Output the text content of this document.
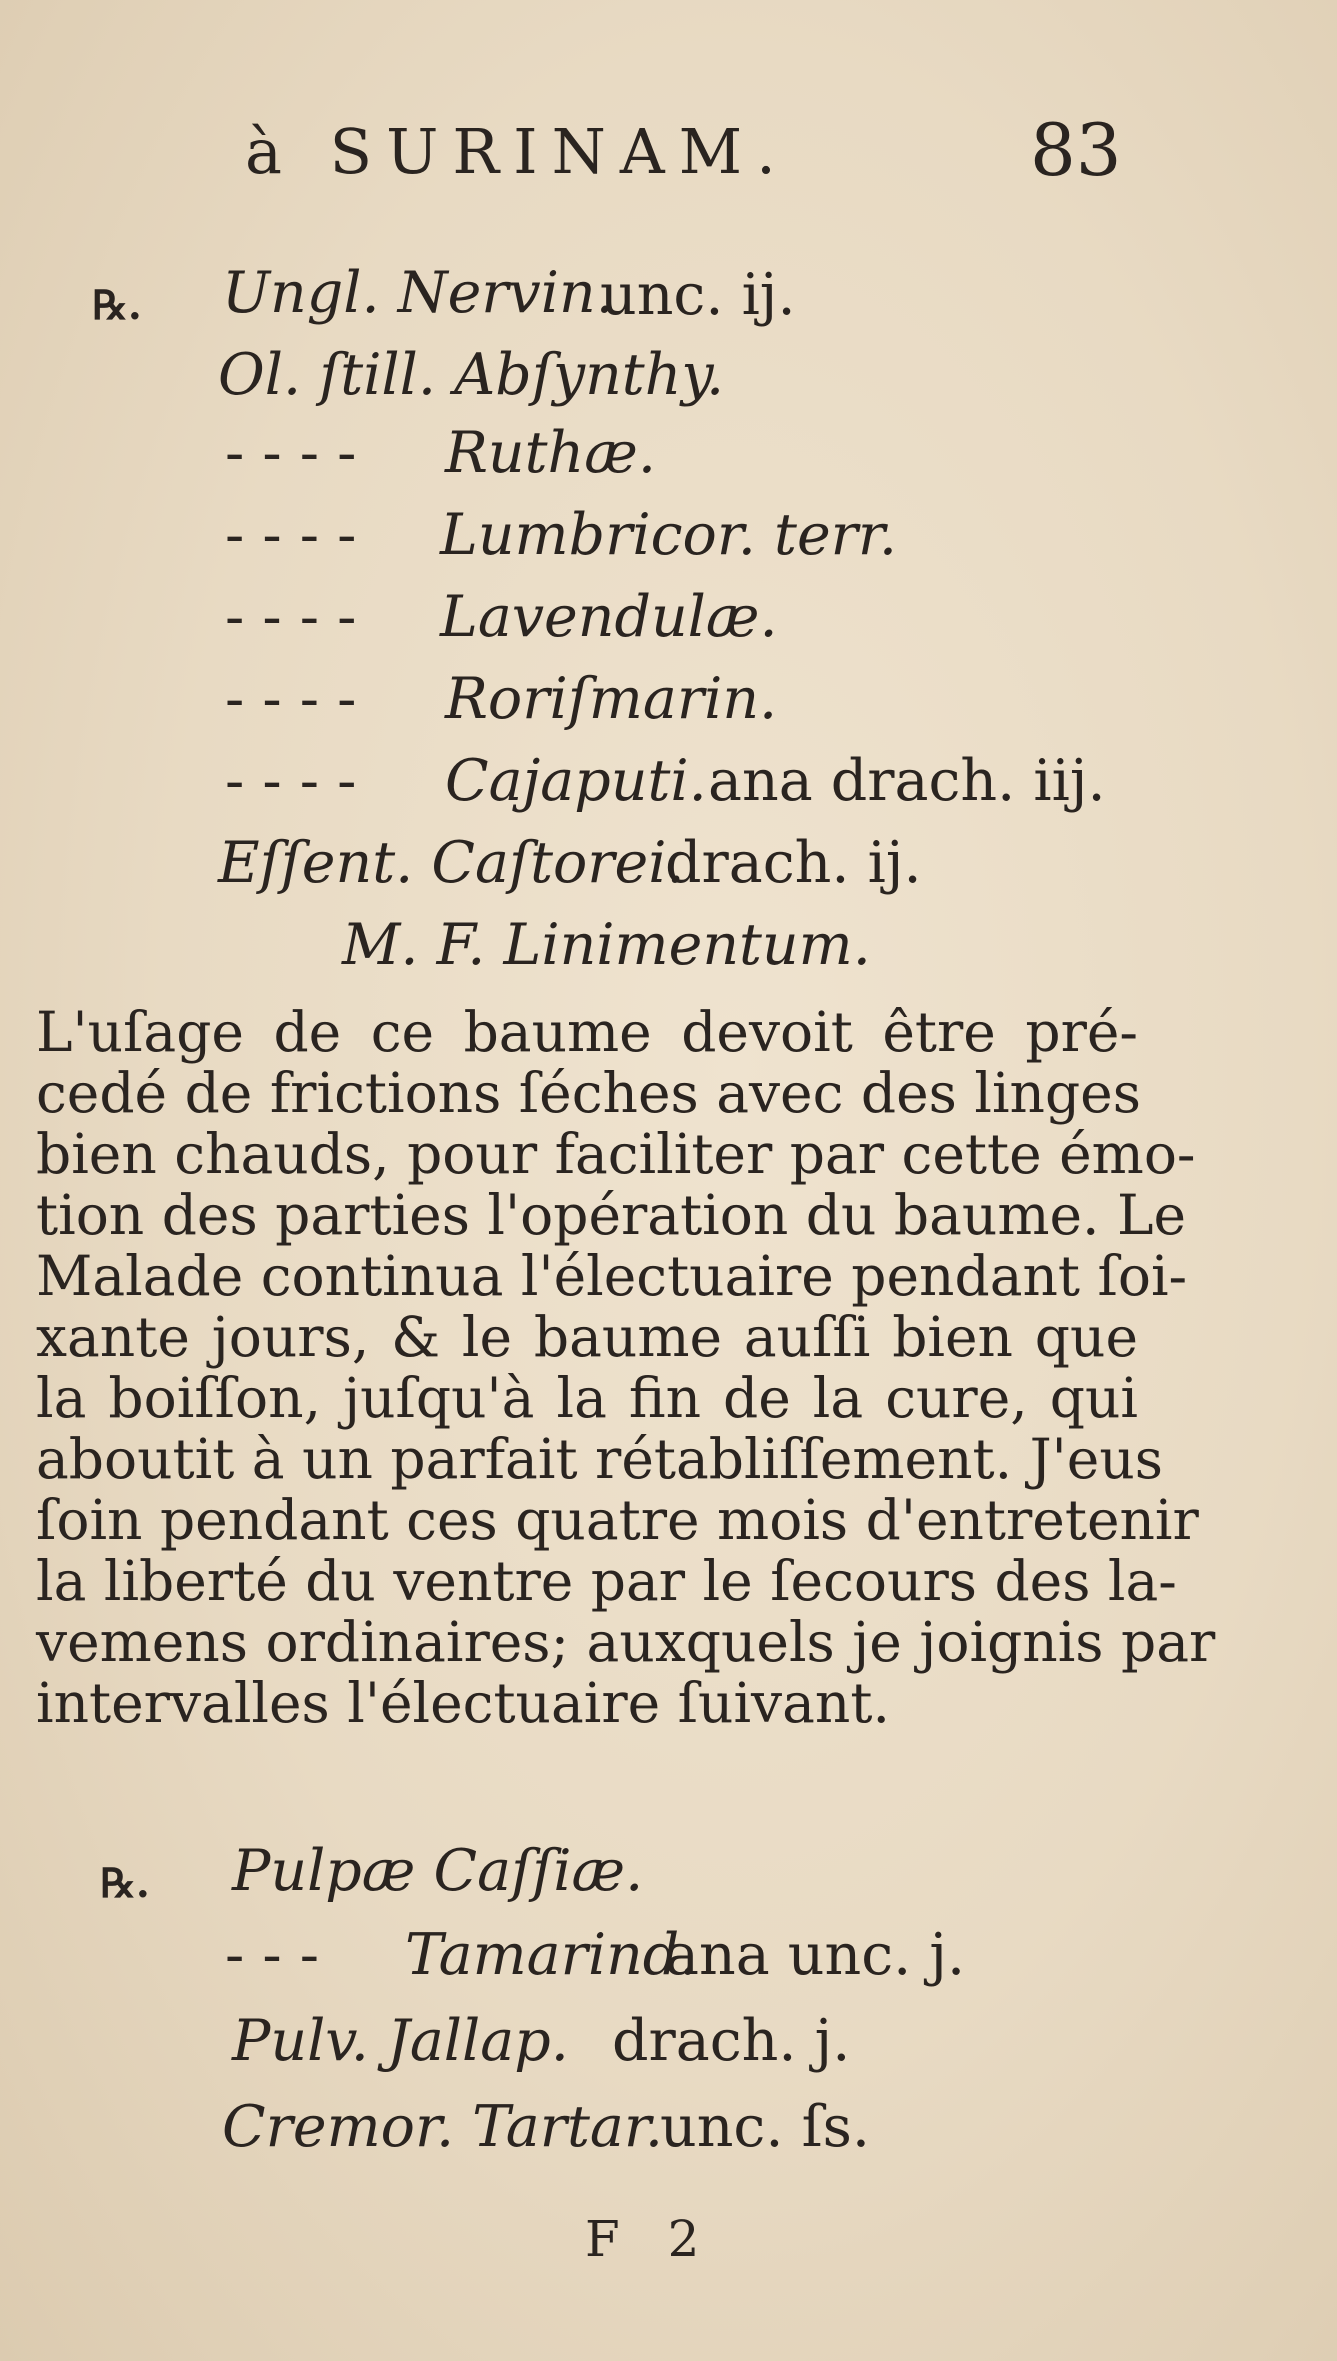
à SURINAM.	83
℞. Ungl. Nervin.
unc. ij.
Ol. ſtill. Abſynthy.
- - - - Ruthæ.
- - - - Lumbricor. terr.
- - - - Lavendulæ.
- - - - Roriſmarin.
- - - - Cajaputi. ana drach. iij.
Eſſent. Caſtorei.
drach. ij.
M. F. Linimentum.
L'uſage de ce baume devoit être pré-
cedé de frictions ſéches avec des linges
bien chauds, pour faciliter par cette émo-
tion des parties l'opération du baume. Le
Malade continua l'électuaire pendant ſoi-
xante jours, & le baume auſſi bien que
la boiſſon, juſqu'à la fin de la cure, qui
aboutit à un parfait rétabliſſement. J'eus
ſoin pendant ces quatre mois d'entretenir
la liberté du ventre par le ſecours des la-
vemens ordinaires; auxquels je joignis par
intervalles l'électuaire ſuivant.
℞. Pulpæ Caſſiæ.
- - - Tamarind.
ana unc. j.
Pulv. Jallap. drach. j.
Cremor. Tartar.
unc. ſs.
F 2
